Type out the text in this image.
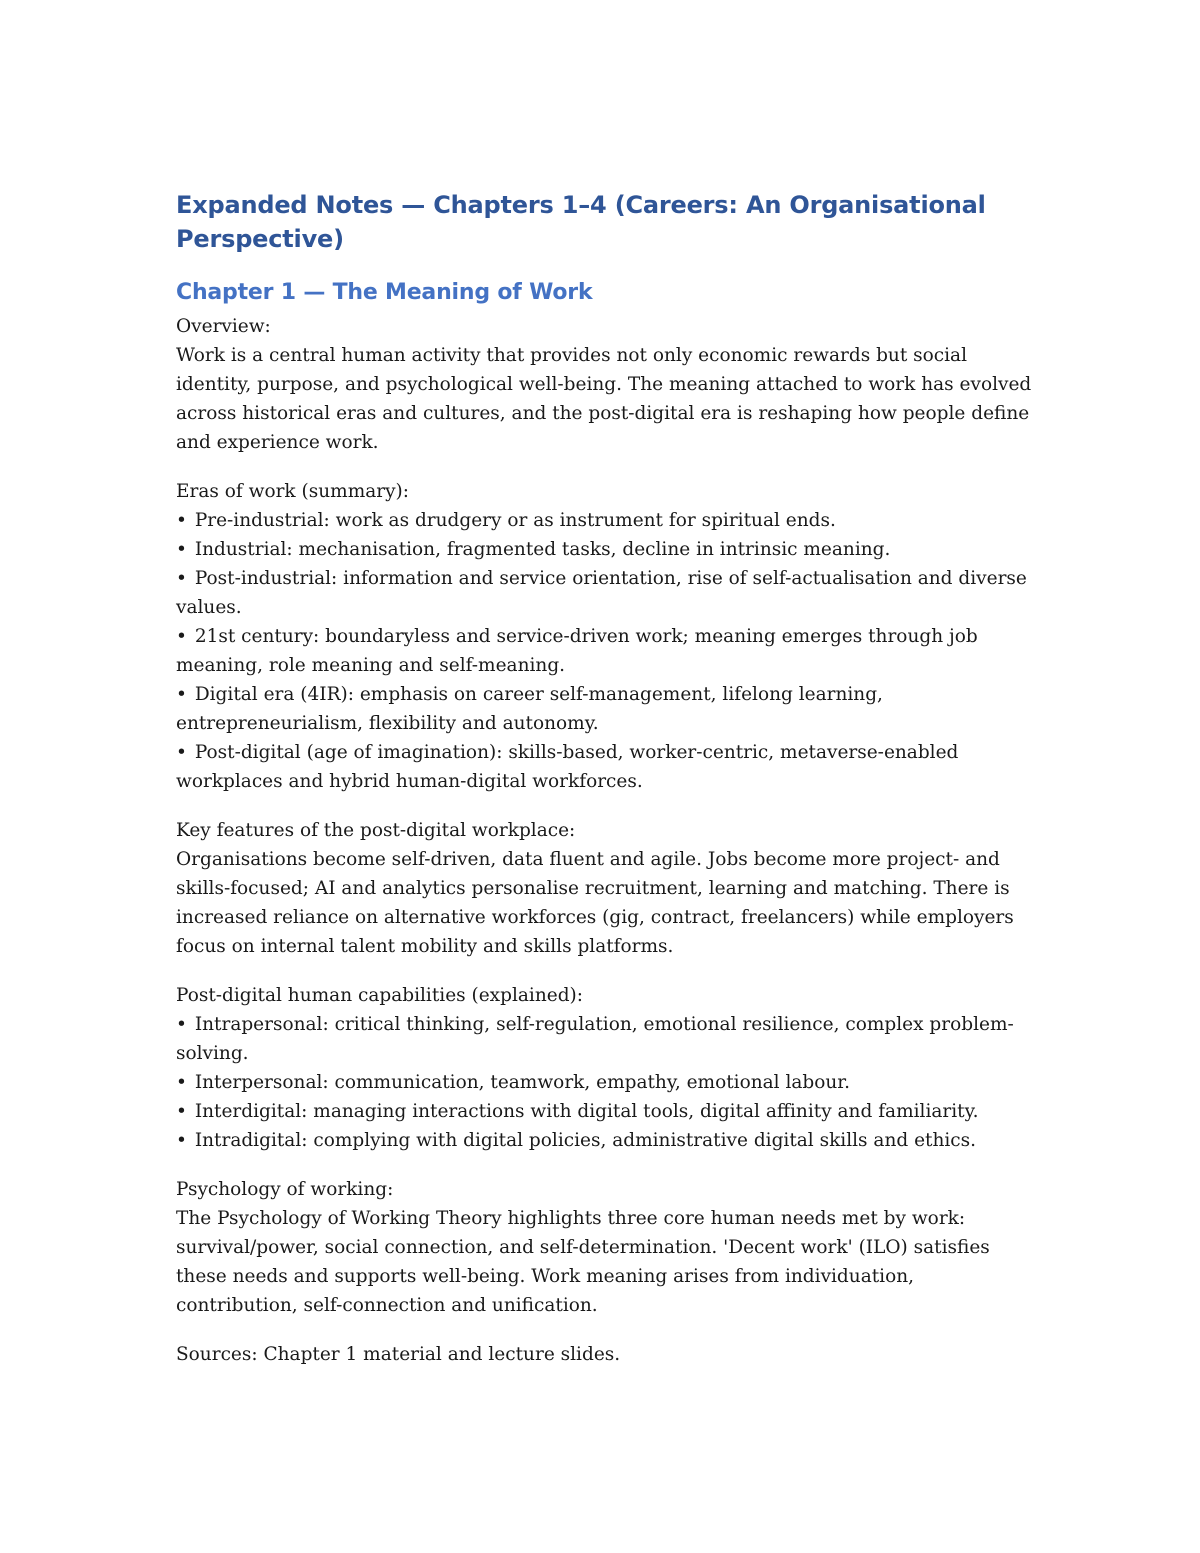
Expanded Notes — Chapters 1–4 (Careers: An Organisational Perspective)
Chapter 1 — The Meaning of Work
Overview:
Work is a central human activity that provides not only economic rewards but social identity, purpose, and psychological well-being. The meaning attached to work has evolved across historical eras and cultures, and the post-digital era is reshaping how people define and experience work.
Eras of work (summary):
• Pre-industrial: work as drudgery or as instrument for spiritual ends.
• Industrial: mechanisation, fragmented tasks, decline in intrinsic meaning.
• Post-industrial: information and service orientation, rise of self-actualisation and diverse values.
• 21st century: boundaryless and service-driven work; meaning emerges through job meaning, role meaning and self-meaning.
• Digital era (4IR): emphasis on career self-management, lifelong learning, entrepreneurialism, flexibility and autonomy.
• Post-digital (age of imagination): skills-based, worker-centric, metaverse-enabled workplaces and hybrid human-digital workforces.
Key features of the post-digital workplace:
Organisations become self-driven, data fluent and agile. Jobs become more project- and skills-focused; AI and analytics personalise recruitment, learning and matching. There is increased reliance on alternative workforces (gig, contract, freelancers) while employers focus on internal talent mobility and skills platforms.
Post-digital human capabilities (explained):
• Intrapersonal: critical thinking, self-regulation, emotional resilience, complex problem-solving.
• Interpersonal: communication, teamwork, empathy, emotional labour.
• Interdigital: managing interactions with digital tools, digital affinity and familiarity.
• Intradigital: complying with digital policies, administrative digital skills and ethics.
Psychology of working:
The Psychology of Working Theory highlights three core human needs met by work: survival/power, social connection, and self-determination. 'Decent work' (ILO) satisfies these needs and supports well-being. Work meaning arises from individuation, contribution, self-connection and unification.
Sources: Chapter 1 material and lecture slides.
